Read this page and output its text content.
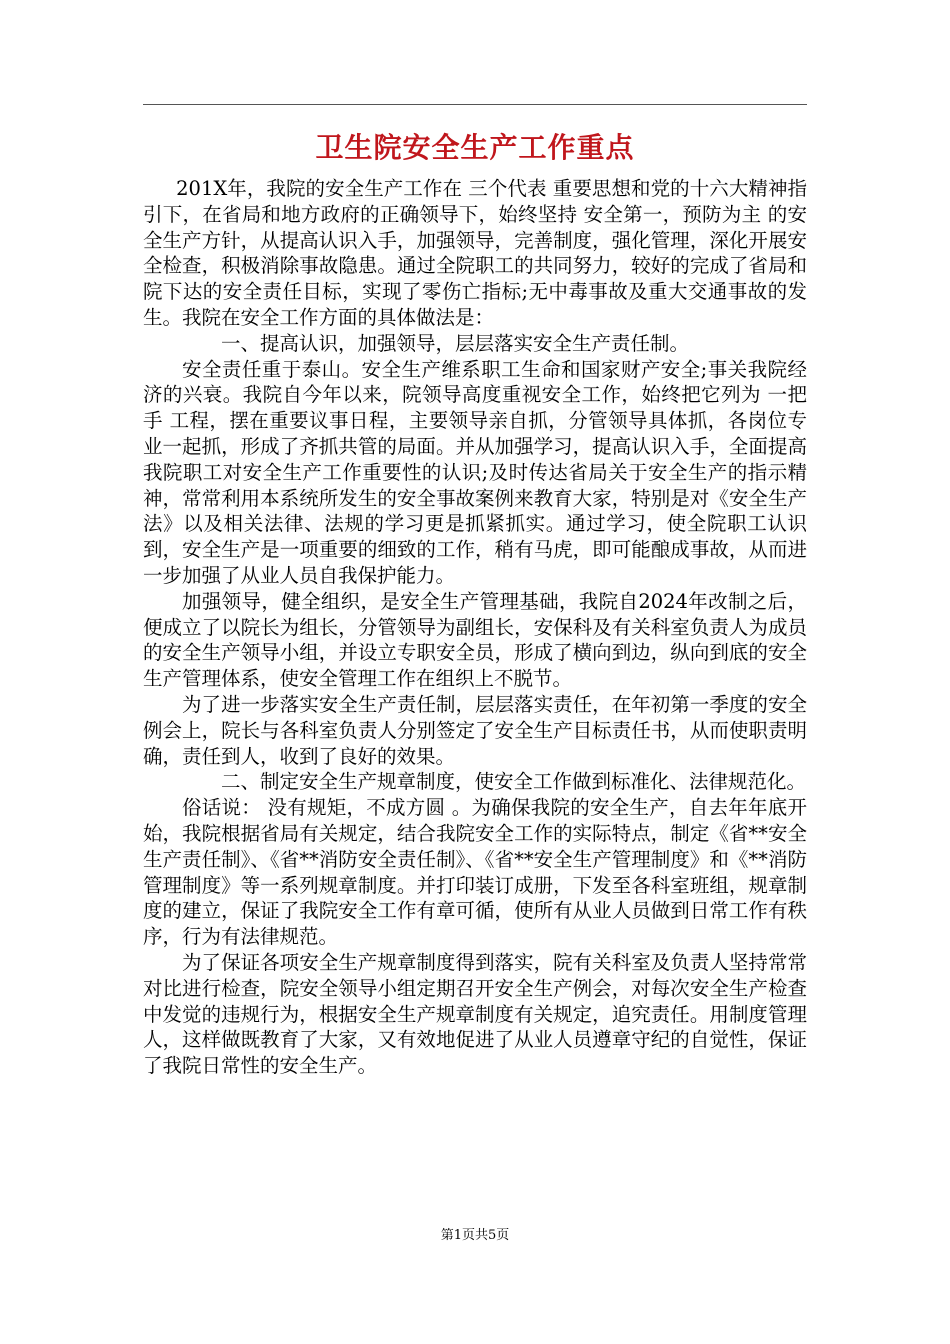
卫生院安全生产工作重点

201X年，我院的安全生产工作在 三个代表 重要思想和党的十六大精神指引下，在省局和地方政府的正确领导下，始终坚持 安全第一，预防为主 的安全生产方针，从提高认识入手，加强领导，完善制度，强化管理，深化开展安全检查，积极消除事故隐患。通过全院职工的共同努力，较好的完成了省局和院下达的安全责任目标，实现了零伤亡指标;无中毒事故及重大交通事故的发生。我院在安全工作方面的具体做法是：

一、提高认识，加强领导，层层落实安全生产责任制。

安全责任重于泰山。安全生产维系职工生命和国家财产安全;事关我院经济的兴衰。我院自今年以来，院领导高度重视安全工作，始终把它列为 一把手 工程，摆在重要议事日程，主要领导亲自抓，分管领导具体抓，各岗位专业一起抓，形成了齐抓共管的局面。并从加强学习，提高认识入手，全面提高我院职工对安全生产工作重要性的认识;及时传达省局关于安全生产的指示精神，常常利用本系统所发生的安全事故案例来教育大家，特别是对《安全生产法》以及相关法律、法规的学习更是抓紧抓实。通过学习，使全院职工认识到，安全生产是一项重要的细致的工作，稍有马虎，即可能酿成事故，从而进一步加强了从业人员自我保护能力。

加强领导，健全组织，是安全生产管理基础，我院自2024年改制之后，便成立了以院长为组长，分管领导为副组长，安保科及有关科室负责人为成员的安全生产领导小组，并设立专职安全员，形成了横向到边，纵向到底的安全生产管理体系，使安全管理工作在组织上不脱节。

为了进一步落实安全生产责任制，层层落实责任，在年初第一季度的安全例会上，院长与各科室负责人分别签定了安全生产目标责任书，从而使职责明确，责任到人，收到了良好的效果。

二、制定安全生产规章制度，使安全工作做到标准化、法律规范化。

俗话说： 没有规矩，不成方圆 。为确保我院的安全生产，自去年年底开始，我院根据省局有关规定，结合我院安全工作的实际特点，制定《省**安全生产责任制》、《省**消防安全责任制》、《省**安全生产管理制度》和《**消防管理制度》等一系列规章制度。并打印装订成册，下发至各科室班组，规章制度的建立，保证了我院安全工作有章可循，使所有从业人员做到日常工作有秩序，行为有法律规范。

为了保证各项安全生产规章制度得到落实，院有关科室及负责人坚持常常对比进行检查，院安全领导小组定期召开安全生产例会，对每次安全生产检查中发觉的违规行为，根据安全生产规章制度有关规定，追究责任。用制度管理人，这样做既教育了大家，又有效地促进了从业人员遵章守纪的自觉性，保证了我院日常性的安全生产。

第1页共5页
